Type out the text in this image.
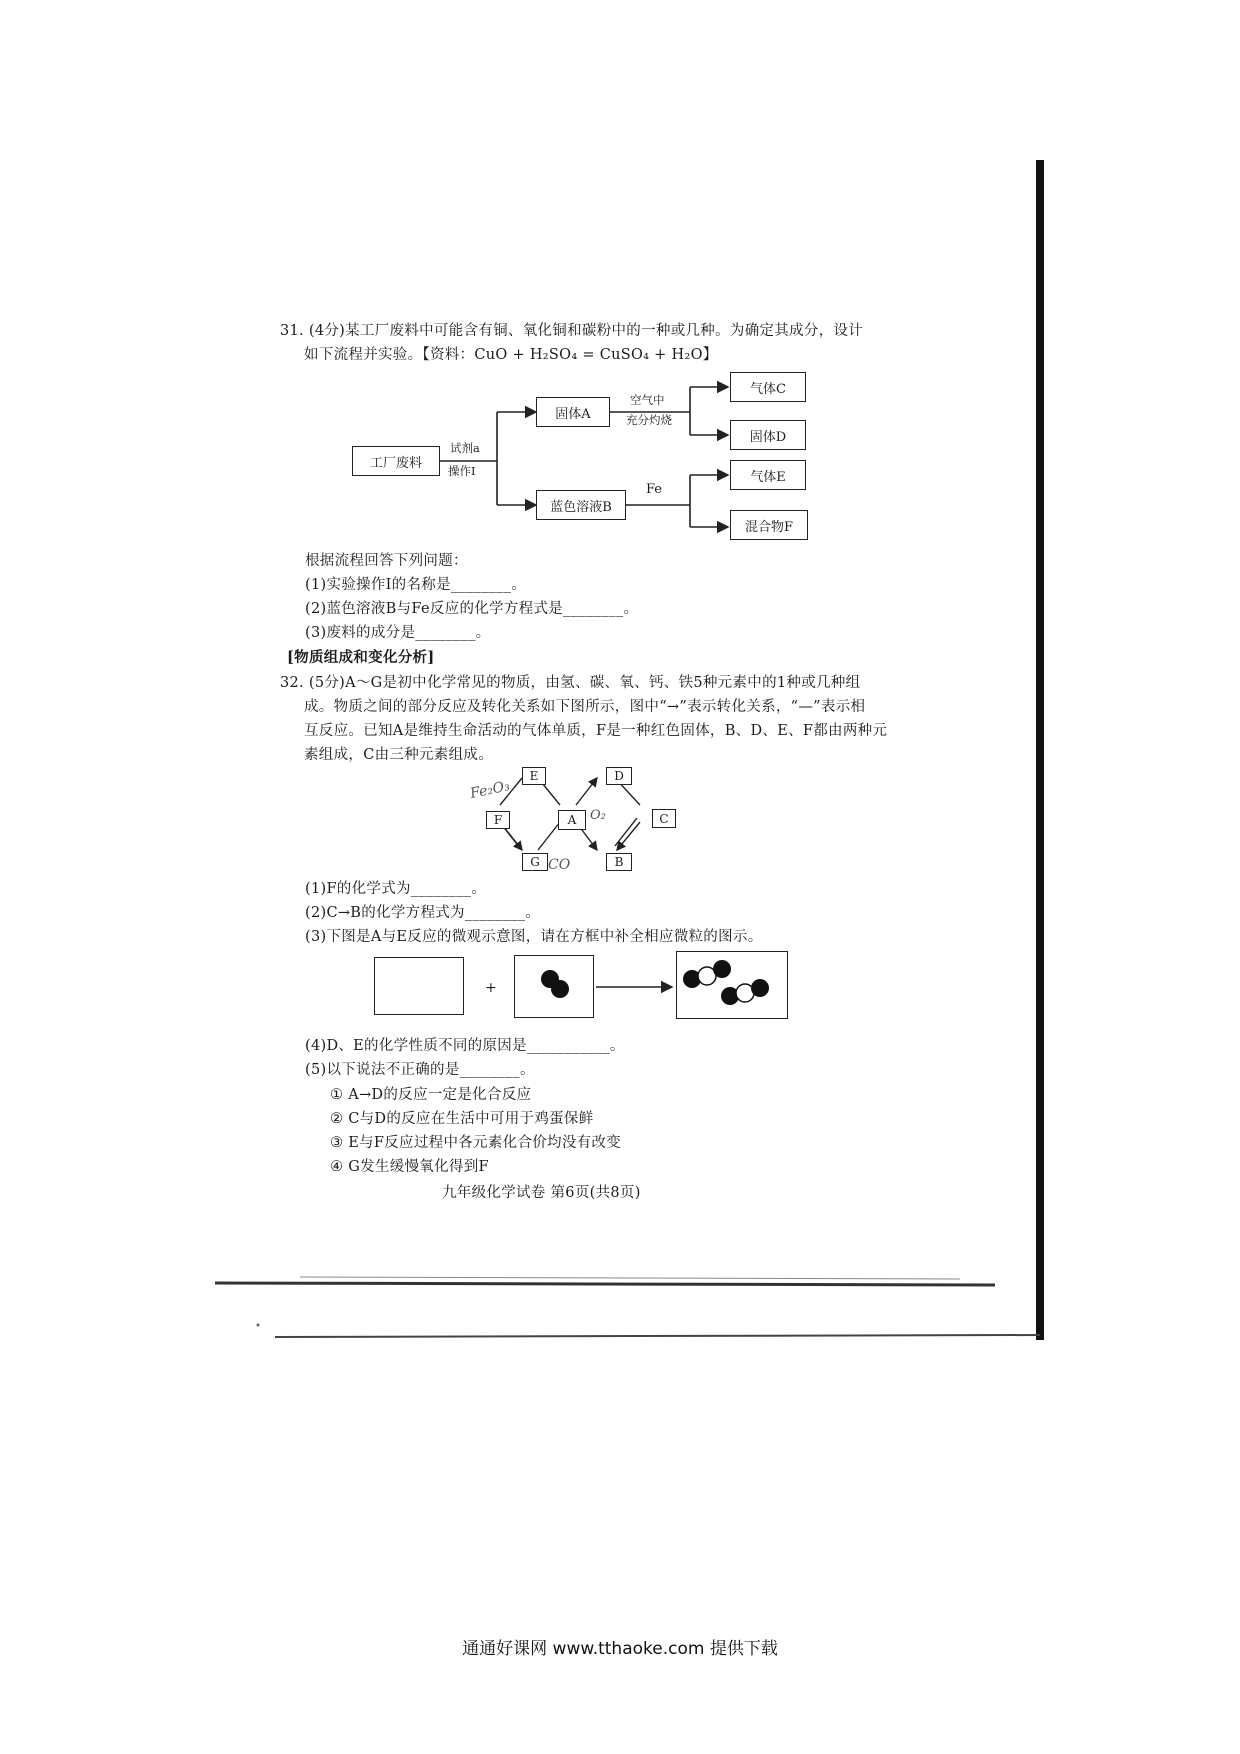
31. (4分)某工厂废料中可能含有铜、氧化铜和碳粉中的一种或几种。为确定其成分，设计
如下流程并实验。【资料：CuO + H₂SO₄ = CuSO₄ + H₂O】
工厂废料
试剂a
操作Ⅰ
固体A
空气中
充分灼烧
气体C
固体D
蓝色溶液B
Fe
气体E
混合物F
根据流程回答下列问题：
(1)实验操作Ⅰ的名称是________。
(2)蓝色溶液B与Fe反应的化学方程式是________。
(3)废料的成分是________。
[物质组成和变化分析]
32. (5分)A～G是初中化学常见的物质，由氢、碳、氧、钙、铁5种元素中的1种或几种组
成。物质之间的部分反应及转化关系如下图所示，图中“→”表示转化关系，“—”表示相
互反应。已知A是维持生命活动的气体单质，F是一种红色固体，B、D、E、F都由两种元
素组成，C由三种元素组成。
E	D
F	A	C
G	B
Fe₂O₃
O₂
CO
(1)F的化学式为________。
(2)C→B的化学方程式为________。
(3)下图是A与E反应的微观示意图，请在方框中补全相应微粒的图示。
+
(4)D、E的化学性质不同的原因是___________。
(5)以下说法不正确的是________。
① A→D的反应一定是化合反应
② C与D的反应在生活中可用于鸡蛋保鲜
③ E与F反应过程中各元素化合价均没有改变
④ G发生缓慢氧化得到F
九年级化学试卷 第6页(共8页)
通通好课网 www.tthaoke.com 提供下载
